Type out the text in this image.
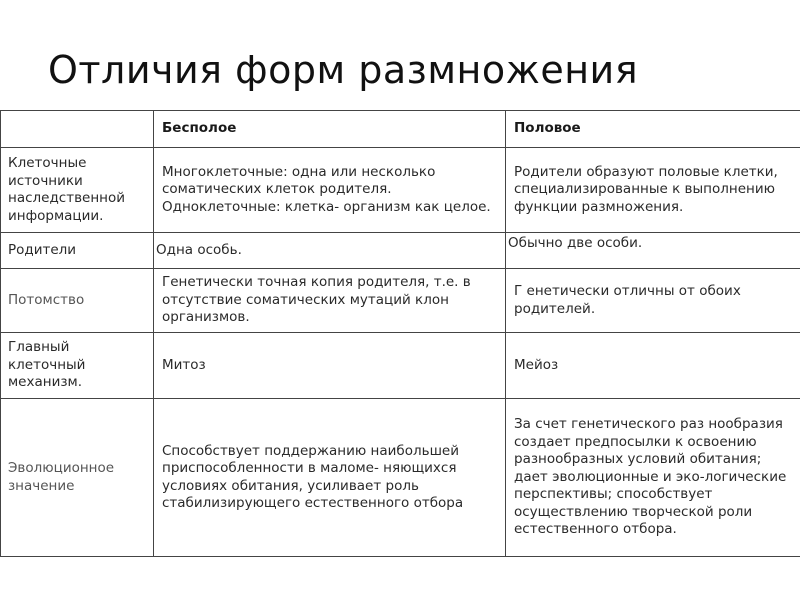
Отличия форм размножения
	Бесполое	Половое
Клеточные источники наследственной информации.	Многоклеточные: одна или несколько соматических клеток родителя. Одноклеточные: клетка- организм как целое.	Родители образуют половые клетки, специализированные к выполнению функции размножения.
Родители	Одна особь.	Обычно две особи.
Потомство	Генетически точная копия родителя, т.е. в отсутствие соматических мутаций клон организмов.	Г енетически отличны от обоих родителей.
Главный клеточный механизм.	Митоз	Мейоз
Эволюционное значение	Способствует поддержанию наибольшей приспособленности в маломе- няющихся условиях обитания, усиливает роль стабилизирующего естественного отбора	За счет генетического раз нообразия создает предпосылки к освоению разнообразных условий обитания; дает эволюционные и эко-логические перспективы; способствует осуществлению творческой роли естественного отбора.
